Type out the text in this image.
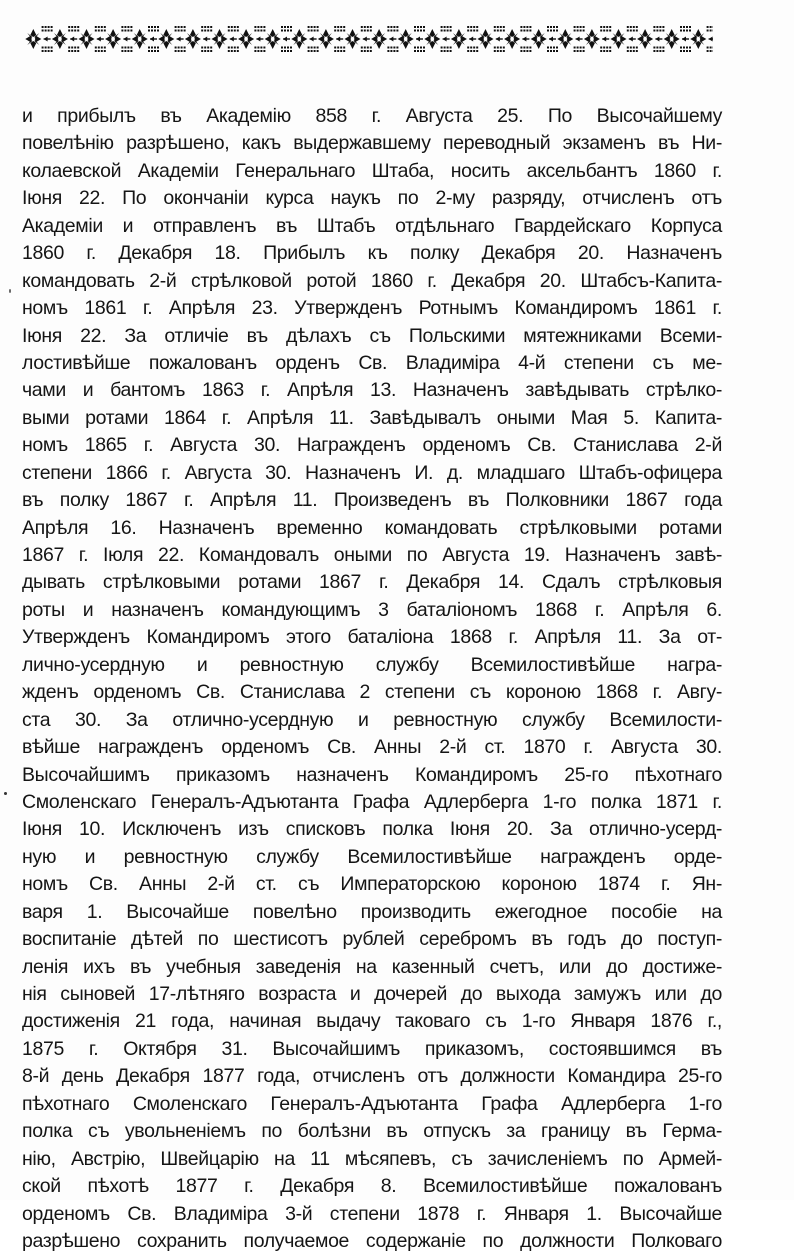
и прибылъ въ Академію 858 г. Августа 25. По Высочайшему
повелѣнію разрѣшено, какъ выдержавшему переводный экзаменъ въ Ни-
колаевской Академіи Генеральнаго Штаба, носить аксельбантъ 1860 г.
Іюня 22. По окончаніи курса наукъ по 2-му разряду, отчисленъ отъ
Академіи и отправленъ въ Штабъ отдѣльнаго Гвардейскаго Корпуса
1860 г. Декабря 18. Прибылъ къ полку Декабря 20. Назначенъ
командовать 2-й стрѣлковой ротой 1860 г. Декабря 20. Штабсъ-Капита-
номъ 1861 г. Апрѣля 23. Утвержденъ Ротнымъ Командиромъ 1861 г.
Іюня 22. За отличіе въ дѣлахъ съ Польскими мятежниками Всеми-
лостивѣйше пожалованъ орденъ Св. Владиміра 4-й степени съ ме-
чами и бантомъ 1863 г. Апрѣля 13. Назначенъ завѣдывать стрѣлко-
выми ротами 1864 г. Апрѣля 11. Завѣдывалъ оными Мая 5. Капита-
номъ 1865 г. Августа 30. Награжденъ орденомъ Св. Станислава 2-й
степени 1866 г. Августа 30. Назначенъ И. д. младшаго Штабъ-офицера
въ полку 1867 г. Апрѣля 11. Произведенъ въ Полковники 1867 года
Апрѣля 16. Назначенъ временно командовать стрѣлковыми ротами
1867 г. Іюля 22. Командовалъ оными по Августа 19. Назначенъ завѣ-
дывать стрѣлковыми ротами 1867 г. Декабря 14. Сдалъ стрѣлковыя
роты и назначенъ командующимъ 3 баталіономъ 1868 г. Апрѣля 6.
Утвержденъ Командиромъ этого баталіона 1868 г. Апрѣля 11. За от-
лично-усердную и ревностную службу Всемилостивѣйше награ-
жденъ орденомъ Св. Станислава 2 степени съ короною 1868 г. Авгу-
ста 30. За отлично-усердную и ревностную службу Всемилости-
вѣйше награжденъ орденомъ Св. Анны 2-й ст. 1870 г. Августа 30.
Высочайшимъ приказомъ назначенъ Командиромъ 25-го пѣхотнаго
Смоленскаго Генералъ-Адъютанта Графа Адлерберга 1-го полка 1871 г.
Іюня 10. Исключенъ изъ списковъ полка Іюня 20. За отлично-усерд-
ную и ревностную службу Всемилостивѣйше награжденъ орде-
номъ Св. Анны 2-й ст. съ Императорскою короною 1874 г. Ян-
варя 1. Высочайше повелѣно производить ежегодное пособіе на
воспитаніе дѣтей по шестисотъ рублей серебромъ въ годъ до поступ-
ленія ихъ въ учебныя заведенія на казенный счетъ, или до достиже-
нія сыновей 17-лѣтняго возраста и дочерей до выхода замужъ или до
достиженія 21 года, начиная выдачу таковаго съ 1-го Января 1876 г.,
1875 г. Октября 31. Высочайшимъ приказомъ, состоявшимся въ
8-й день Декабря 1877 года, отчисленъ отъ должности Командира 25-го
пѣхотнаго Смоленскаго Генералъ-Адъютанта Графа Адлерберга 1-го
полка съ увольненіемъ по болѣзни въ отпускъ за границу въ Герма-
нію, Австрію, Швейцарію на 11 мѣсяпевъ, съ зачисленіемъ по Армей-
ской пѣхотѣ 1877 г. Декабря 8. Всемилостивѣйше пожалованъ
орденомъ Св. Владиміра 3-й степени 1878 г. Января 1. Высочайше
разрѣшено сохранить получаемое содержаніе по должности Полковаго
